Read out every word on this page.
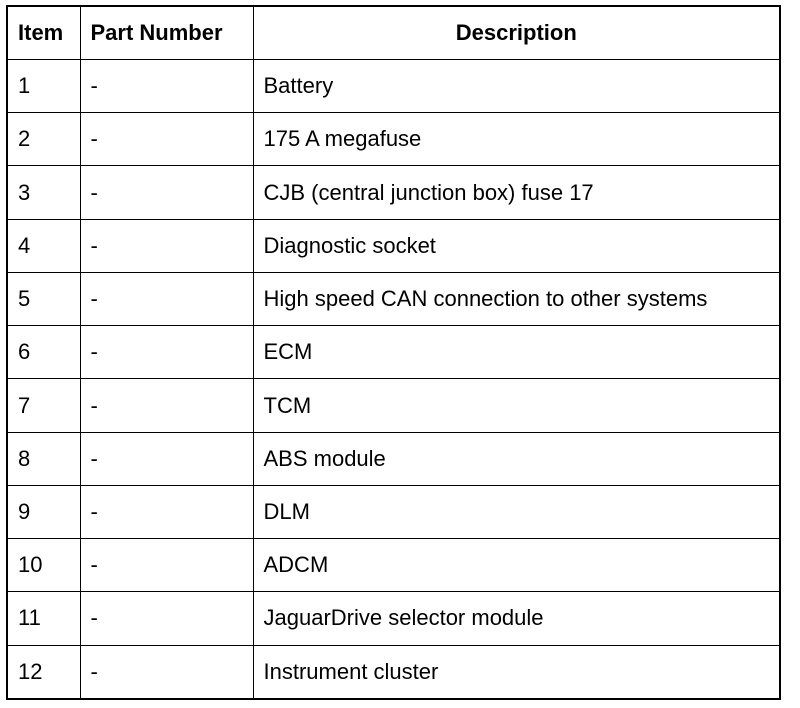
Item	Part Number	Description
1	-	Battery
2	-	175 A megafuse
3	-	CJB (central junction box) fuse 17
4	-	Diagnostic socket
5	-	High speed CAN connection to other systems
6	-	ECM
7	-	TCM
8	-	ABS module
9	-	DLM
10	-	ADCM
11	-	JaguarDrive selector module
12	-	Instrument cluster
